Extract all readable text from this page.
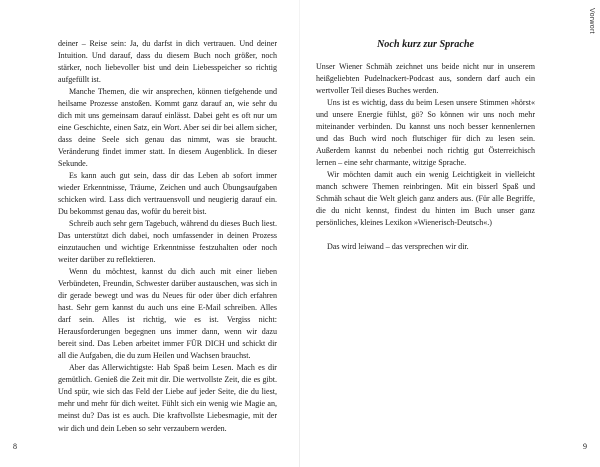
deiner – Reise sein: Ja, du darfst in dich vertrauen. Und deiner Intuition. Und darauf, dass du diesem Buch noch größer, noch stärker, noch liebevoller bist und dein Liebesspeicher so richtig aufgefüllt ist.

Manche Themen, die wir ansprechen, können tiefgehende und heilsame Prozesse anstoßen. Kommt ganz darauf an, wie sehr du dich mit uns gemeinsam darauf einlässt. Dabei geht es oft nur um eine Geschichte, einen Satz, ein Wort. Aber sei dir bei allem sicher, dass deine Seele sich genau das nimmt, was sie braucht. Veränderung findet immer statt. In diesem Augenblick. In dieser Sekunde.

Es kann auch gut sein, dass dir das Leben ab sofort immer wieder Erkenntnisse, Träume, Zeichen und auch Übungsaufgaben schicken wird. Lass dich vertrauensvoll und neugierig darauf ein. Du bekommst genau das, wofür du bereit bist.

Schreib auch sehr gern Tagebuch, während du dieses Buch liest. Das unterstützt dich dabei, noch umfassender in deinen Prozess einzutauchen und wichtige Erkenntnisse festzuhalten oder noch weiter darüber zu reflektieren.

Wenn du möchtest, kannst du dich auch mit einer lieben Verbündeten, Freundin, Schwester darüber austauschen, was sich in dir gerade bewegt und was du Neues für oder über dich erfahren hast. Sehr gern kannst du auch uns eine E-Mail schreiben. Alles darf sein. Alles ist richtig, wie es ist. Vergiss nicht: Herausforderungen begegnen uns immer dann, wenn wir dazu bereit sind. Das Leben arbeitet immer FÜR DICH und schickt dir all die Aufgaben, die du zum Heilen und Wachsen brauchst.

Aber das Allerwichtigste: Hab Spaß beim Lesen. Mach es dir gemütlich. Genieß die Zeit mit dir. Die wertvollste Zeit, die es gibt. Und spür, wie sich das Feld der Liebe auf jeder Seite, die du liest, mehr und mehr für dich weitet. Fühlt sich ein wenig wie Magie an, meinst du? Das ist es auch. Die kraftvollste Liebesmagie, mit der wir dich und dein Leben so sehr verzaubern werden.

8
Vorwort
Noch kurz zur Sprache

Unser Wiener Schmäh zeichnet uns beide nicht nur in unserem heißgeliebten Pudelnackert-Podcast aus, sondern darf auch ein wertvoller Teil dieses Buches werden.

Uns ist es wichtig, dass du beim Lesen unsere Stimmen »hörst« und unsere Energie fühlst, gö? So können wir uns noch mehr miteinander verbinden. Du kannst uns noch besser kennenlernen und das Buch wird noch flutschiger für dich zu lesen sein. Außerdem kannst du nebenbei noch richtig gut Österreichisch lernen – eine sehr charmante, witzige Sprache.

Wir möchten damit auch ein wenig Leichtigkeit in vielleicht manch schwere Themen reinbringen. Mit ein bisserl Spaß und Schmäh schaut die Welt gleich ganz anders aus. (Für alle Begriffe, die du nicht kennst, findest du hinten im Buch unser ganz persönliches, kleines Lexikon »Wienerisch-Deutsch«.)

Das wird leiwand – das versprechen wir dir.

9
